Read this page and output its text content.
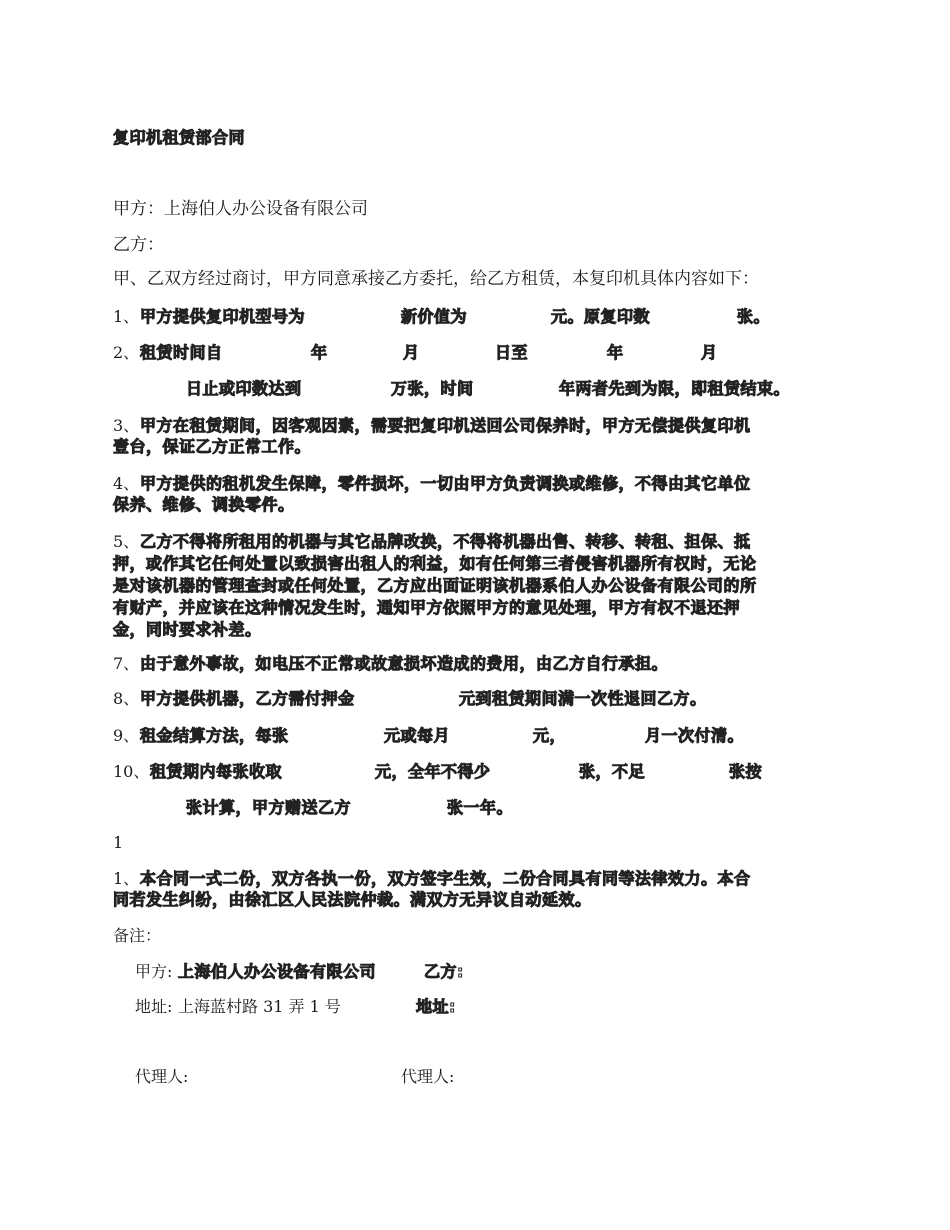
复印机租赁部合同
甲方：上海伯人办公设备有限公司
乙方：
甲、乙双方经过商讨，甲方同意承接乙方委托，给乙方租赁，本复印机具体内容如下：
1、 甲方提供复印机型号为	新价值为	元。原复印数	张。
2、 租赁时间自	年	月	日至	年	月
日止或印数达到	万张，时间	年两者先到为限，即租赁结束。
3、 甲方在租赁期间，因客观因素，需要把复印机送回公司保养时，甲方无偿提供复印机
壹台，保证乙方正常工作。
4、 甲方提供的租机发生保障，零件损坏，一切由甲方负责调换或维修，不得由其它单位
保养、维修、调换零件。
5、 乙方不得将所租用的机器与其它品牌改换，不得将机器出售、转移、转租、担保、抵
押，或作其它任何处置以致损害出租人的利益，如有任何第三者侵害机器所有权时，无论
是对该机器的管理查封或任何处置，乙方应出面证明该机器系伯人办公设备有限公司的所
有财产，并应该在这种情况发生时，通知甲方依照甲方的意见处理，甲方有权不退还押
金，同时要求补差。
7、 由于意外事故，如电压不正常或故意损坏造成的费用，由乙方自行承担。
8、 甲方提供机器，乙方需付押金	元到租赁期间满一次性退回乙方。
9、 租金结算方法，每张	元或每月	元，	月一次付清。
10、 租赁期内每张收取	元，全年不得少	张，不足	张按
张计算，甲方赠送乙方	张一年。
1
1、 本合同一式二份，双方各执一份，双方签字生效，二份合同具有同等法律效力。本合
同若发生纠纷，由徐汇区人民法院仲裁。满双方无异议自动延效。
备注：
甲方: 上海伯人办公设备有限公司	乙方:
地址: 上海蓝村路 31 弄 1 号	地址:
代理人:	代理人:
